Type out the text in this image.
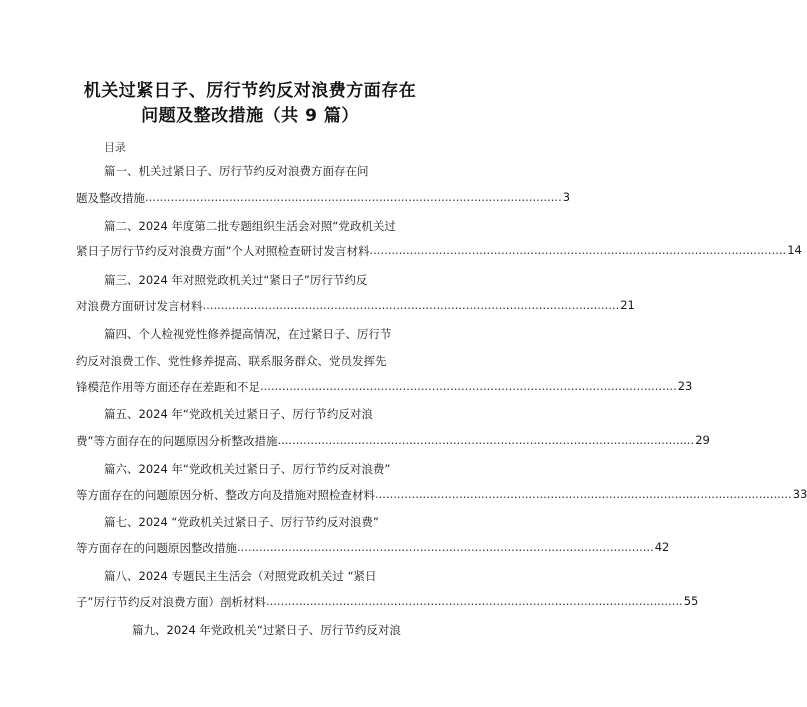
机关过紧日子、厉行节约反对浪费方面存在
问题及整改措施（共 9 篇）
目录
篇一、机关过紧日子、厉行节约反对浪费方面存在问
题及整改措施 .................................................................................................................. 3
篇二、2024 年度第二批专题组织生活会对照“党政机关过
紧日子厉行节约反对浪费方面”个人对照检查研讨发言材料 .................................................................................................................. 14
篇三、2024 年对照党政机关过“紧日子”厉行节约反
对浪费方面研讨发言材料 .................................................................................................................. 21
篇四、个人检视党性修养提高情况，在过紧日子、厉行节
约反对浪费工作、党性修养提高、联系服务群众、党员发挥先
锋模范作用等方面还存在差距和不足 .................................................................................................................. 23
篇五、2024 年“党政机关过紧日子、厉行节约反对浪
费”等方面存在的问题原因分析整改措施 .................................................................................................................. 29
篇六、2024 年“党政机关过紧日子、厉行节约反对浪费”
等方面存在的问题原因分析、整改方向及措施对照检查材料 .................................................................................................................. 33
篇七、2024 “党政机关过紧日子、厉行节约反对浪费”
等方面存在的问题原因整改措施 .................................................................................................................. 42
篇八、2024 专题民主生活会（对照党政机关过 “紧日
子”厉行节约反对浪费方面）剖析材料 .................................................................................................................. 55
篇九、2024 年党政机关“过紧日子、厉行节约反对浪
